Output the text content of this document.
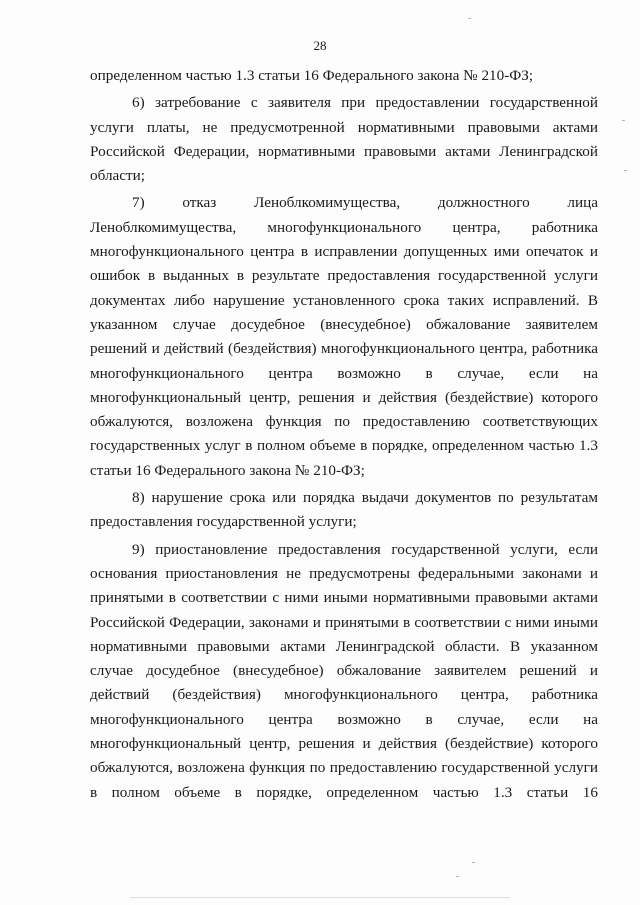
28
определенном частью 1.3 статьи 16 Федерального закона № 210-ФЗ;
6) затребование с заявителя при предоставлении государственной
услуги платы, не предусмотренной нормативными правовыми актами
Российской Федерации, нормативными правовыми актами Ленинградской
области;
7) отказ Леноблкомимущества, должностного лица
Леноблкомимущества, многофункционального центра, работника
многофункционального центра в исправлении допущенных ими опечаток и
ошибок в выданных в результате предоставления государственной услуги
документах либо нарушение установленного срока таких исправлений. В
указанном случае досудебное (внесудебное) обжалование заявителем
решений и действий (бездействия) многофункционального центра, работника
многофункционального центра возможно в случае, если на
многофункциональный центр, решения и действия (бездействие) которого
обжалуются, возложена функция по предоставлению соответствующих
государственных услуг в полном объеме в порядке, определенном частью 1.3
статьи 16 Федерального закона № 210-ФЗ;
8) нарушение срока или порядка выдачи документов по результатам
предоставления государственной услуги;
9) приостановление предоставления государственной услуги, если
основания приостановления не предусмотрены федеральными законами и
принятыми в соответствии с ними иными нормативными правовыми актами
Российской Федерации, законами и принятыми в соответствии с ними иными
нормативными правовыми актами Ленинградской области. В указанном
случае досудебное (внесудебное) обжалование заявителем решений и
действий (бездействия) многофункционального центра, работника
многофункционального центра возможно в случае, если на
многофункциональный центр, решения и действия (бездействие) которого
обжалуются, возложена функция по предоставлению государственной услуги
в полном объеме в порядке, определенном частью 1.3 статьи 16
